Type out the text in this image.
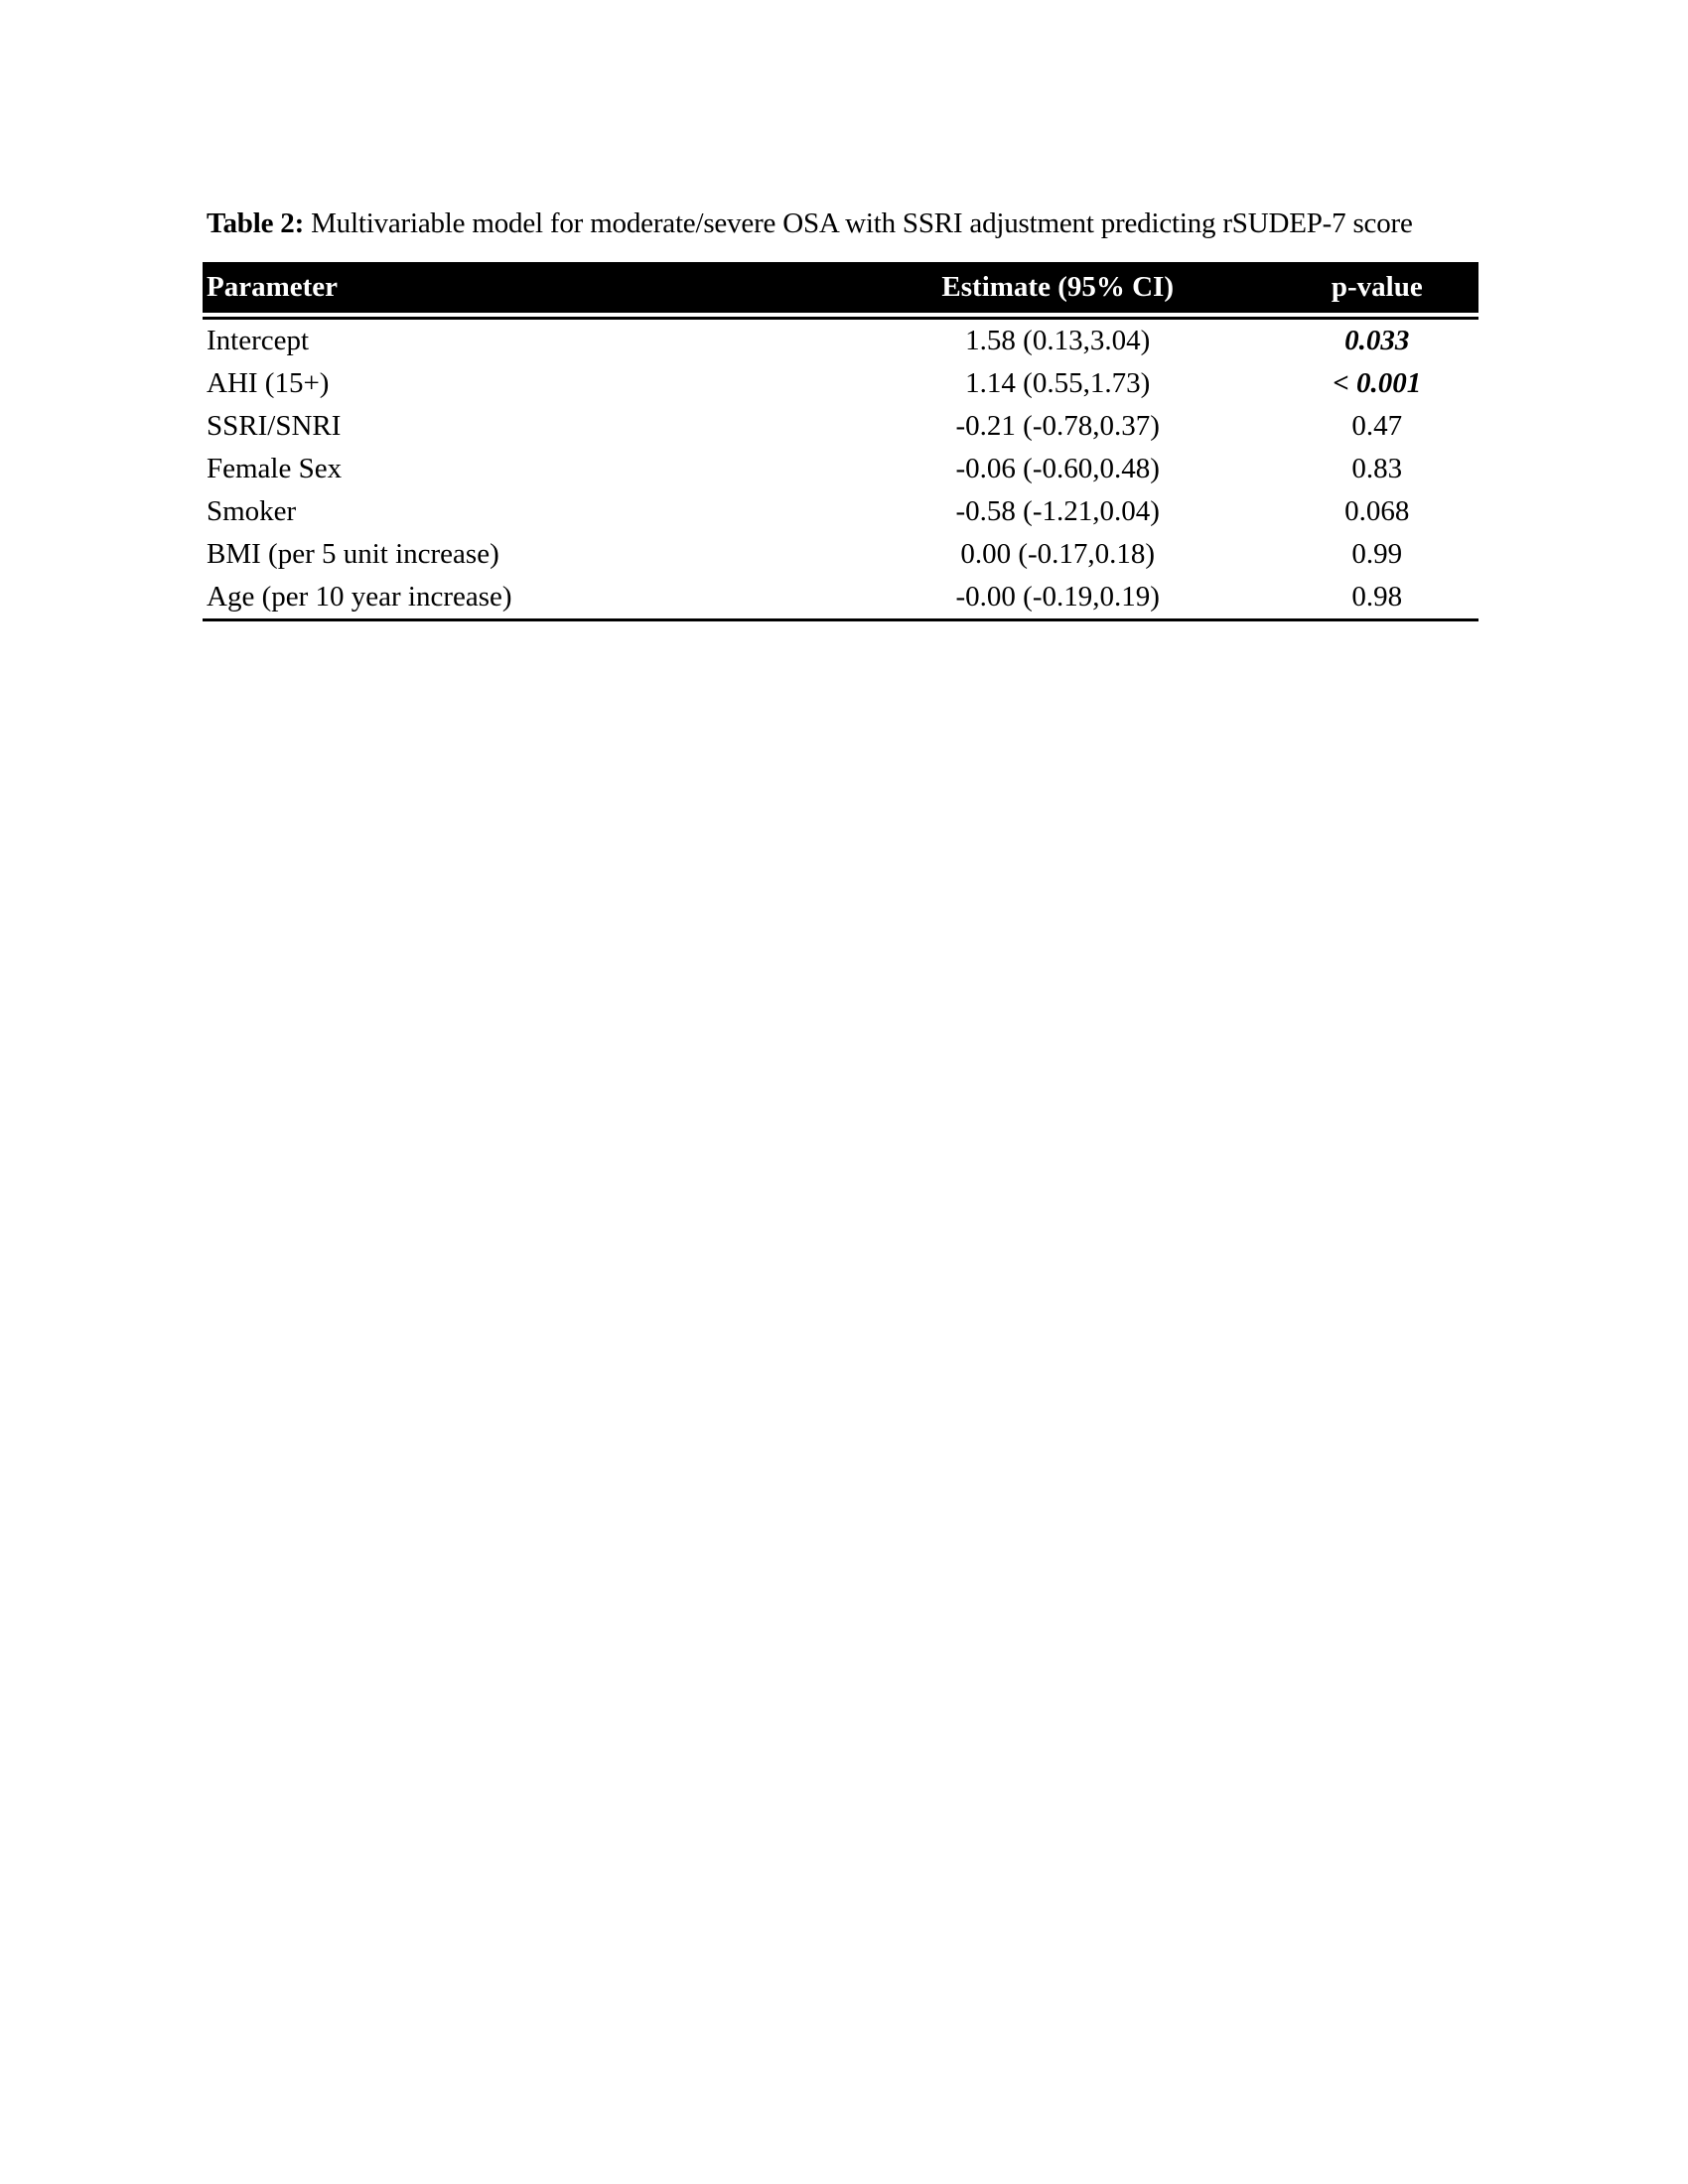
Table 2: Multivariable model for moderate/severe OSA with SSRI adjustment predicting rSUDEP-7 score
Parameter	Estimate (95% CI)	p-value

Intercept	1.58 (0.13,3.04)	0.033
AHI (15+)	1.14 (0.55,1.73)	< 0.001
SSRI/SNRI	-0.21 (-0.78,0.37)	0.47
Female Sex	-0.06 (-0.60,0.48)	0.83
Smoker	-0.58 (-1.21,0.04)	0.068
BMI (per 5 unit increase)	0.00 (-0.17,0.18)	0.99
Age (per 10 year increase)	-0.00 (-0.19,0.19)	0.98
